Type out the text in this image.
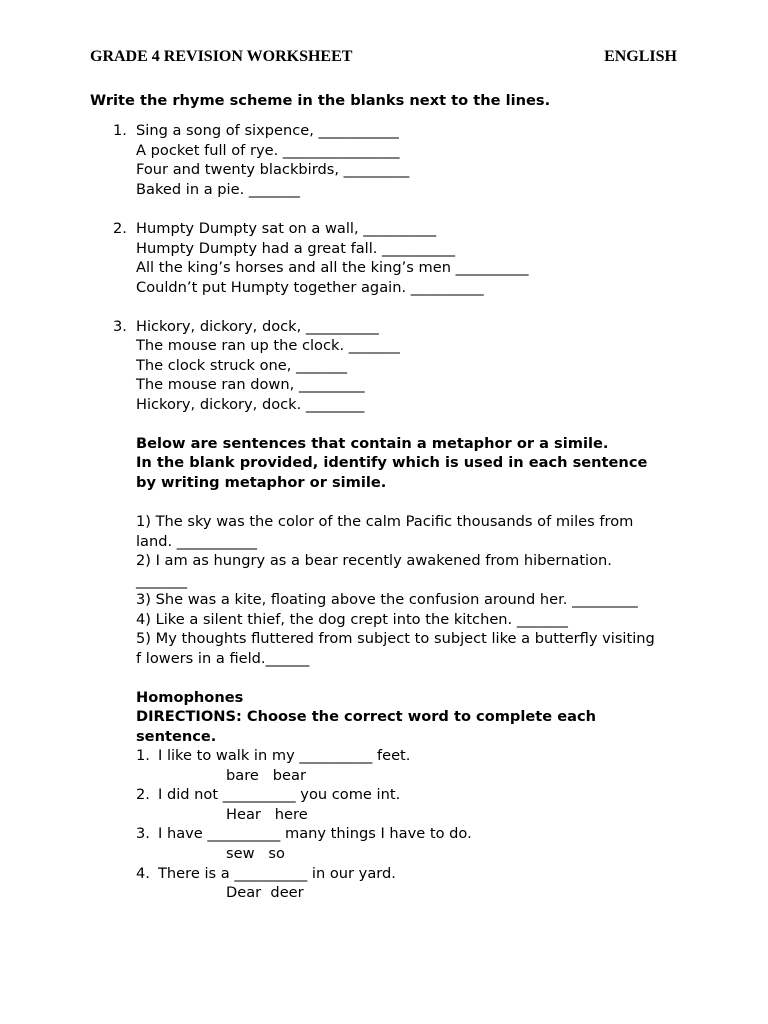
GRADE 4 REVISION WORKSHEET	ENGLISH
Write the rhyme scheme in the blanks next to the lines.
1. Sing a song of sixpence, ___________
A pocket full of rye. ________________
Four and twenty blackbirds, _________
Baked in a pie. _______
2. Humpty Dumpty sat on a wall, __________
Humpty Dumpty had a great fall. __________
All the king’s horses and all the king’s men __________
Couldn’t put Humpty together again. __________
3. Hickory, dickory, dock, __________
The mouse ran up the clock. _______
The clock struck one, _______
The mouse ran down, _________
Hickory, dickory, dock. ________
Below are sentences that contain a metaphor or a simile.
In the blank provided, identify which is used in each sentence
by writing metaphor or simile.
1) The sky was the color of the calm Pacific thousands of miles from
land. ___________
2) I am as hungry as a bear recently awakened from hibernation.
_______
3) She was a kite, floating above the confusion around her. _________
4) Like a silent thief, the dog crept into the kitchen. _______
5) My thoughts fluttered from subject to subject like a butterfly visiting
f lowers in a field.______
Homophones
DIRECTIONS: Choose the correct word to complete each
sentence.
1. I like to walk in my __________ feet.
bare   bear
2. I did not __________ you come int.
Hear   here
3. I have __________ many things I have to do.
sew   so
4. There is a __________ in our yard.
Dear  deer
